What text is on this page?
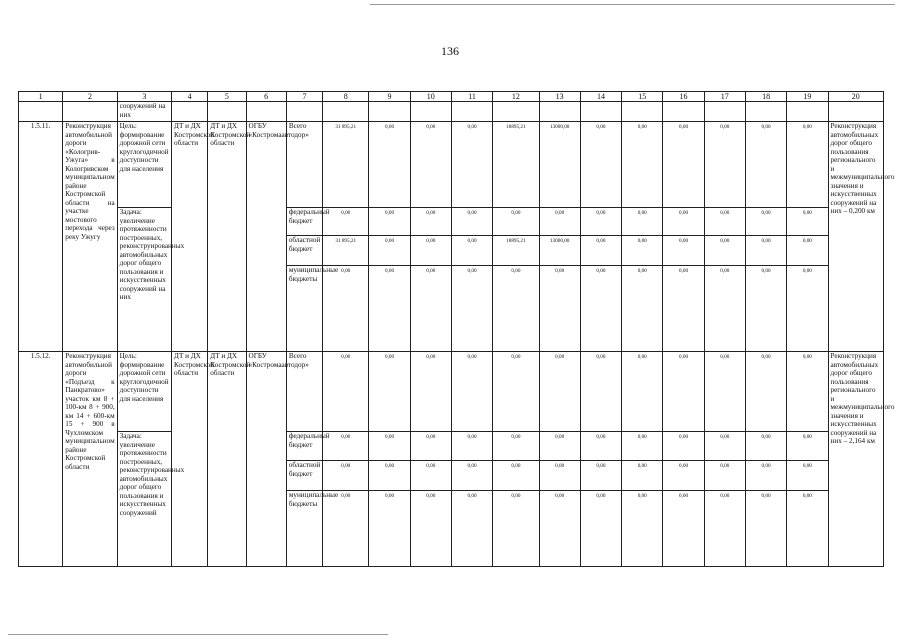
136
1	2	3	4	5	6	7	8	9	10	11	12	13	14	15	16	17	18	19	20
		сооружений на них																	
1.5.11.	Реконструкция автомобильной дороги «Кологрив-Ужуга» в Кологривском муниципальном районе Костромской области на участке мостового перехода через реку Ужугу	Цель: формирование дорожной сети круглогодичной доступности для населения	ДТ и ДХ Костромской области	ДТ и ДХ Костромской области	ОГБУ «Костромаавтодор»	Всего	31 895,21	0,00	0,00	0,00	18895,21	13000,00	0,00	0,00	0,00	0,00	0,00	0,00	Реконструкция автомобильных дорог общего пользования регионального и межмуниципального значения и искусственных сооружений на них – 0,200 км
		Задача: увеличение протяженности построенных, реконструированных автомобильных дорог общего пользования и искусственных сооружений на них				федеральный бюджет	0,00	0,00	0,00	0,00	0,00	0,00	0,00	0,00	0,00	0,00	0,00	0,00	
						областной бюджет	31 895,21	0,00	0,00	0,00	18895,21	13000,00	0,00	0,00	0,00	0,00	0,00	0,00	
						муниципальные бюджеты	0,00	0,00	0,00	0,00	0,00	0,00	0,00	0,00	0,00	0,00	0,00	0,00	
1.5.12.	Реконструкция автомобильной дороги «Подъезд к Панкратово» участок км 8 + 100-км 8 + 900, км 14 + 600-км 15 + 900 в Чухломском муниципальном районе Костромской области	Цель: формирование дорожной сети круглогодичной доступности для населения	ДТ и ДХ Костромской области	ДТ и ДХ Костромской области	ОГБУ «Костромаавтодор»	Всего	0,00	0,00	0,00	0,00	0,00	0,00	0,00	0,00	0,00	0,00	0,00	0,00	Реконструкция автомобильных дорог общего пользования регионального и межмуниципального значения и искусственных сооружений на них – 2,164 км
		Задача: увеличение протяженности построенных, реконструированных автомобильных дорог общего пользования и искусственных сооружений				федеральный бюджет	0,00	0,00	0,00	0,00	0,00	0,00	0,00	0,00	0,00	0,00	0,00	0,00	
						областной бюджет	0,00	0,00	0,00	0,00	0,00	0,00	0,00	0,00	0,00	0,00	0,00	0,00	
						муниципальные бюджеты	0,00	0,00	0,00	0,00	0,00	0,00	0,00	0,00	0,00	0,00	0,00	0,00	
